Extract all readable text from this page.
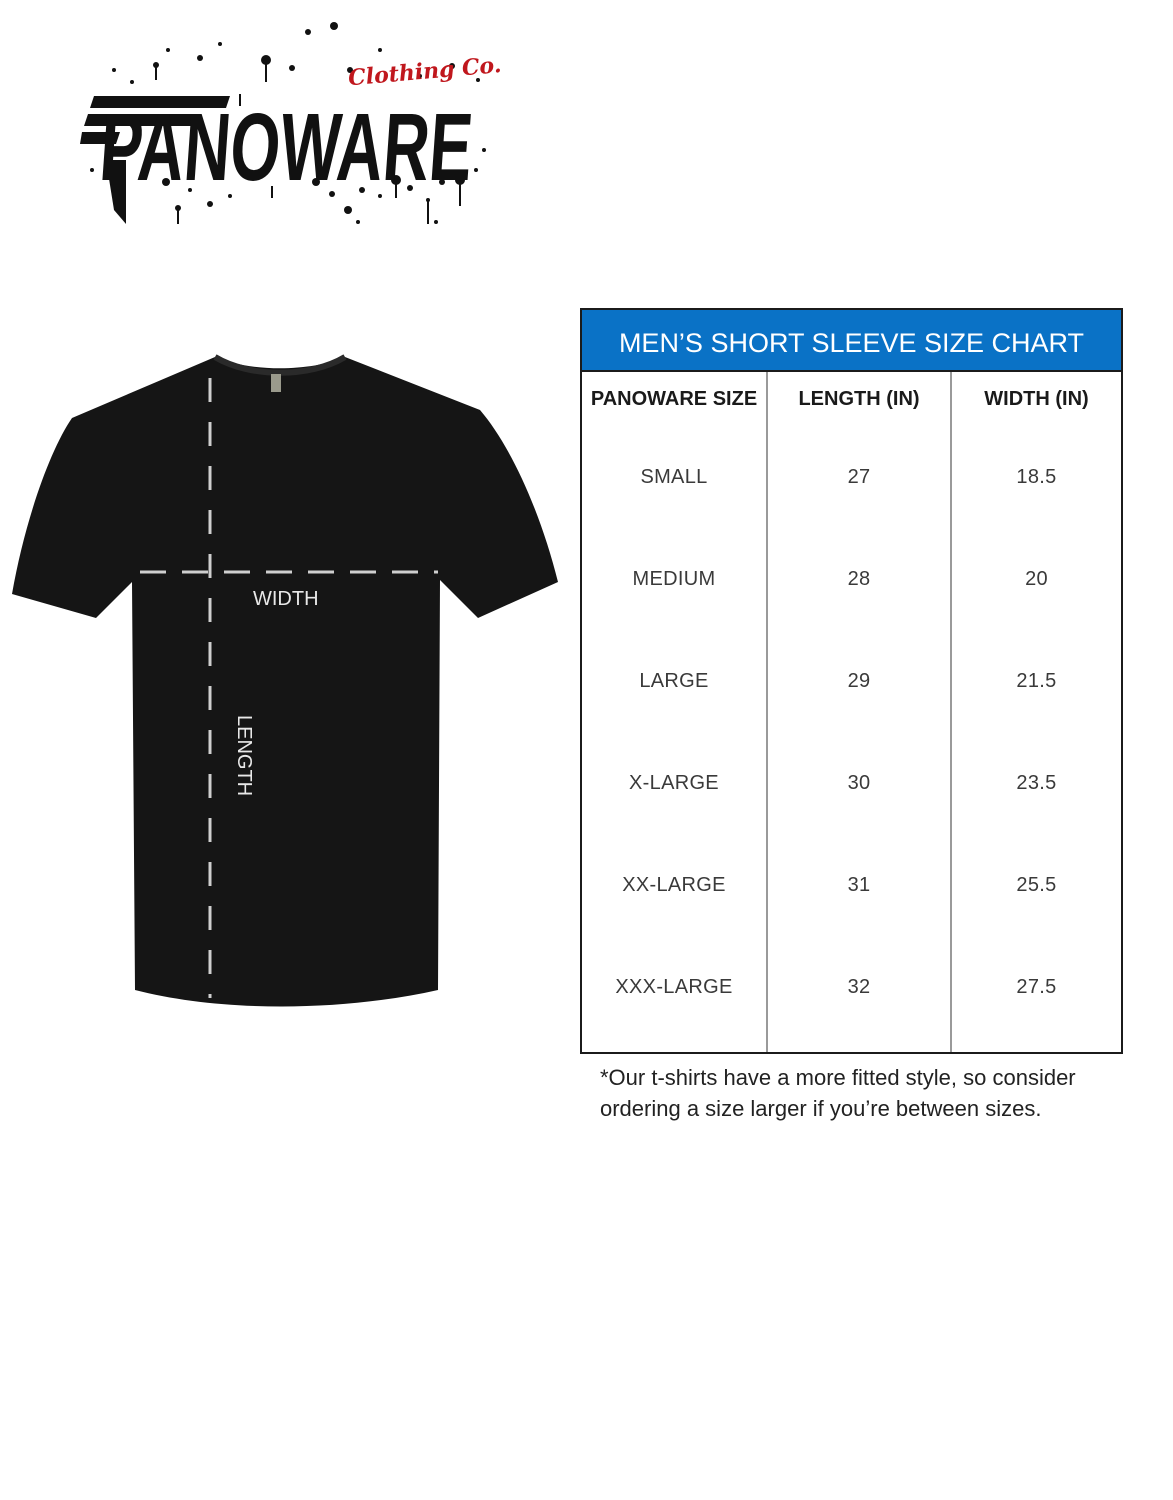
PANOWARE
Clothing Co.
WIDTH
LENGTH
MEN’S SHORT SLEEVE SIZE CHART
PANOWARE SIZE
SMALL
MEDIUM
LARGE
X-LARGE
XX-LARGE
XXX-LARGE
LENGTH (IN)
27
28
29
30
31
32
WIDTH (IN)
18.5
20
21.5
23.5
25.5
27.5
*Our t-shirts have a more fitted style, so consider
ordering a size larger if you’re between sizes.
